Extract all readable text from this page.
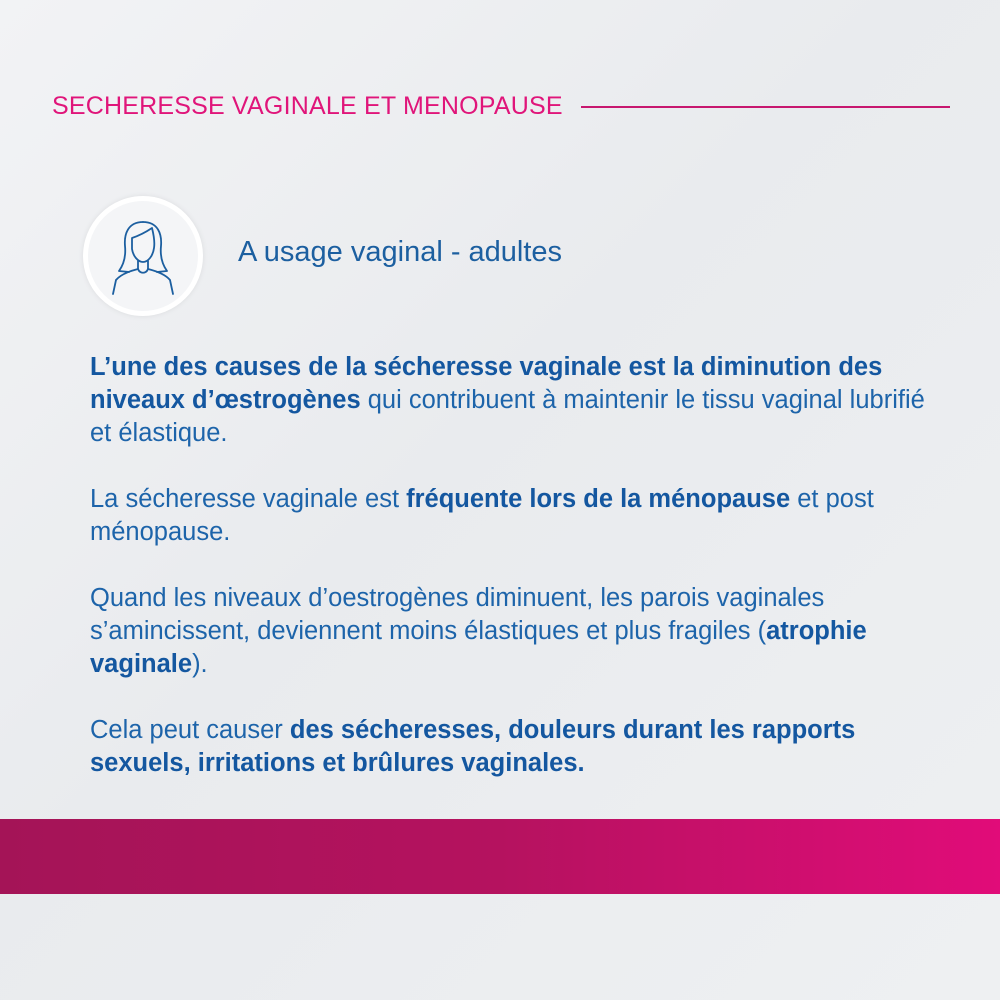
SECHERESSE VAGINALE ET MENOPAUSE
A usage vaginal - adultes

L’une des causes de la sécheresse vaginale est la diminution des niveaux d’œstrogènes qui contribuent à maintenir le tissu vaginal lubrifié et élastique.

La sécheresse vaginale est fréquente lors de la ménopause et post ménopause.

Quand les niveaux d’oestrogènes diminuent, les parois vaginales s’amincissent, deviennent moins élastiques et plus fragiles (atrophie vaginale).

Cela peut causer des sécheresses, douleurs durant les rapports sexuels, irritations et brûlures vaginales.
